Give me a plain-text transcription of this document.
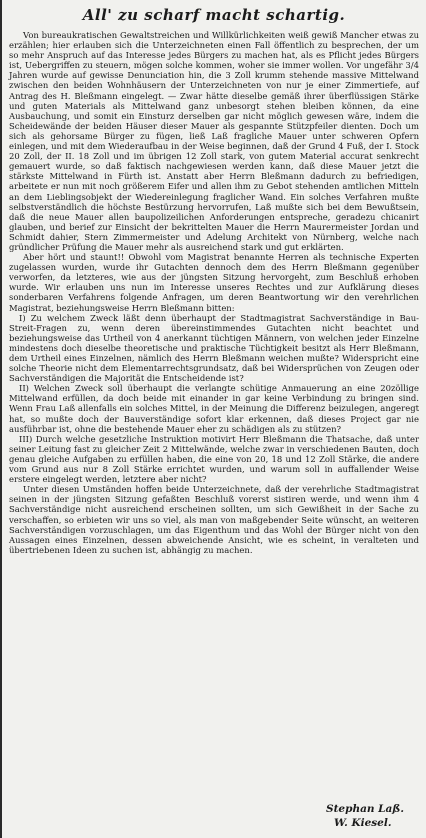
All' zu scharf macht schartig.

Von bureaukratischen Gewaltstreichen und Willkürlichkeiten weiß gewiß Mancher etwas zu erzählen; hier erlauben sich die Unterzeichneten einen Fall öffentlich zu besprechen, der um so mehr Anspruch auf das Interesse jedes Bürgers zu machen hat, als es Pflicht jedes Bürgers ist, Uebergriffen zu steuern, mögen solche kommen, woher sie immer wollen. Vor ungefähr 3/4 Jahren wurde auf gewisse Denunciation hin, die 3 Zoll krumm stehende massive Mittelwand zwischen den beiden Wohnhäusern der Unterzeichneten von nur je einer Zimmertiefe, auf Antrag des H. Bleßmann eingelegt. — Zwar hätte dieselbe gemäß ihrer überflüssigen Stärke und guten Materials als Mittelwand ganz unbesorgt stehen bleiben können, da eine Ausbauchung, und somit ein Einsturz derselben gar nicht möglich gewesen wäre, indem die Scheidewände der beiden Häuser dieser Mauer als gespannte Stützpfeiler dienten. Doch um sich als gehorsame Bürger zu fügen, ließ Laß fragliche Mauer unter schweren Opfern einlegen, und mit dem Wiederaufbau in der Weise beginnen, daß der Grund 4 Fuß, der I. Stock 20 Zoll, der II. 18 Zoll und im übrigen 12 Zoll stark, von gutem Material accurat senkrecht gemauert wurde, so daß faktisch nachgewiesen werden kann, daß diese Mauer jetzt die stärkste Mittelwand in Fürth ist. Anstatt aber Herrn Bleßmann dadurch zu befriedigen, arbeitete er nun mit noch größerem Eifer und allen ihm zu Gebot stehenden amtlichen Mitteln an dem Lieblingsobjekt der Wiedereinlegung fraglicher Wand. Ein solches Verfahren mußte selbstverständlich die höchste Bestürzung hervorrufen, Laß mußte sich bei dem Bewußtsein, daß die neue Mauer allen baupolizeilichen Anforderungen entspreche, geradezu chicanirt glauben, und berief zur Einsicht der bekrittelten Mauer die Herrn Maurermeister Jordan und Schmidt dahier, Stern Zimmermeister und Adelung Architekt von Nürnberg, welche nach gründlicher Prüfung die Mauer mehr als ausreichend stark und gut erklärten.

Aber hört und staunt!! Obwohl vom Magistrat benannte Herren als technische Experten zugelassen wurden, wurde ihr Gutachten dennoch dem des Herrn Bleßmann gegenüber verworfen, da letzteres, wie aus der jüngsten Sitzung hervorgeht, zum Beschluß erhoben wurde. Wir erlauben uns nun im Interesse unseres Rechtes und zur Aufklärung dieses sonderbaren Verfahrens folgende Anfragen, um deren Beantwortung wir den verehrlichen Magistrat, beziehungsweise Herrn Bleßmann bitten:

I) Zu welchem Zweck läßt denn überhaupt der Stadtmagistrat Sachverständige in Bau-Streit-Fragen zu, wenn deren übereinstimmendes Gutachten nicht beachtet und beziehungsweise das Urtheil von 4 anerkannt tüchtigen Männern, von welchen jeder Einzelne mindestens doch dieselbe theoretische und praktische Tüchtigkeit besitzt als Herr Bleßmann, dem Urtheil eines Einzelnen, nämlich des Herrn Bleßmann weichen mußte? Widerspricht eine solche Theorie nicht dem Elementarrechtsgrundsatz, daß bei Widersprüchen von Zeugen oder Sachverständigen die Majorität die Entscheidende ist?

II) Welchen Zweck soll überhaupt die verlangte schütige Anmauerung an eine 20zöllige Mittelwand erfüllen, da doch beide mit einander in gar keine Verbindung zu bringen sind. Wenn Frau Laß allenfalls ein solches Mittel, in der Meinung die Differenz beizulegen, angeregt hat, so mußte doch der Bauverständige sofort klar erkennen, daß dieses Project gar nie ausführbar ist, ohne die bestehende Mauer eher zu schädigen als zu stützen?

III) Durch welche gesetzliche Instruktion motivirt Herr Bleßmann die Thatsache, daß unter seiner Leitung fast zu gleicher Zeit 2 Mittelwände, welche zwar in verschiedenen Bauten, doch genau gleiche Aufgaben zu erfüllen haben, die eine von 20, 18 und 12 Zoll Stärke, die andere vom Grund aus nur 8 Zoll Stärke errichtet wurden, und warum soll in auffallender Weise erstere eingelegt werden, letztere aber nicht?

Unter diesen Umständen hoffen beide Unterzeichnete, daß der verehrliche Stadtmagistrat seinen in der jüngsten Sitzung gefaßten Beschluß vorerst sistiren werde, und wenn ihm 4 Sachverständige nicht ausreichend erscheinen sollten, um sich Gewißheit in der Sache zu verschaffen, so erbieten wir uns so viel, als man von maßgebender Seite wünscht, an weiteren Sachverständigen vorzuschlagen, um das Eigenthum und das Wohl der Bürger nicht von den Aussagen eines Einzelnen, dessen abweichende Ansicht, wie es scheint, in veralteten und übertriebenen Ideen zu suchen ist, abhängig zu machen.

Stephan Laß.
W. Kiesel.
